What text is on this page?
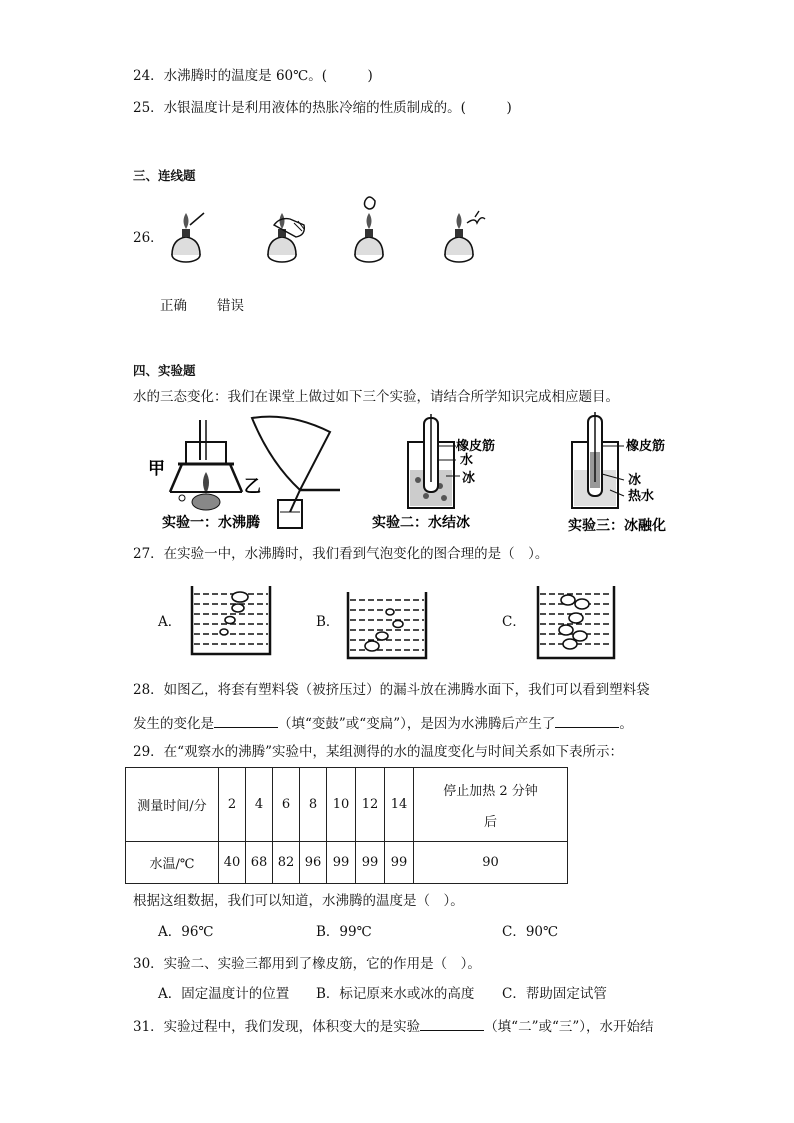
24．水沸腾时的温度是 60℃。(　　　)
25．水银温度计是利用液体的热胀冷缩的性质制成的。(　　　)
三、连线题
26．
正确 错误
四、实验题
水的三态变化：我们在课堂上做过如下三个实验，请结合所学知识完成相应题目。
甲
乙
实验一：水沸腾
橡皮筋
水
冰
实验二：水结冰
橡皮筋
冰
热水
实验三：冰融化
27．在实验一中，水沸腾时，我们看到气泡变化的图合理的是（　）。
A．	B．	C．
28．如图乙，将套有塑料袋（被挤压过）的漏斗放在沸腾水面下，我们可以看到塑料袋
发生的变化是	（填“变鼓”或“变扁”），是因为水沸腾后产生了	。
29．在“观察水的沸腾”实验中，某组测得的水的温度变化与时间关系如下表所示：
测量时间/分	2	4	6	8	10	12	14	停止加热 2 分钟
后

水温/℃	40	68	82	96	99	99	99	90
根据这组数据，我们可以知道，水沸腾的温度是（　）。
A．96℃	B．99℃	C．90℃
30．实验二、实验三都用到了橡皮筋，它的作用是（　）。
A．固定温度计的位置 B．标记原来水或冰的高度 C．帮助固定试管
31．实验过程中，我们发现，体积变大的是实验	（填“二”或“三”），水开始结
